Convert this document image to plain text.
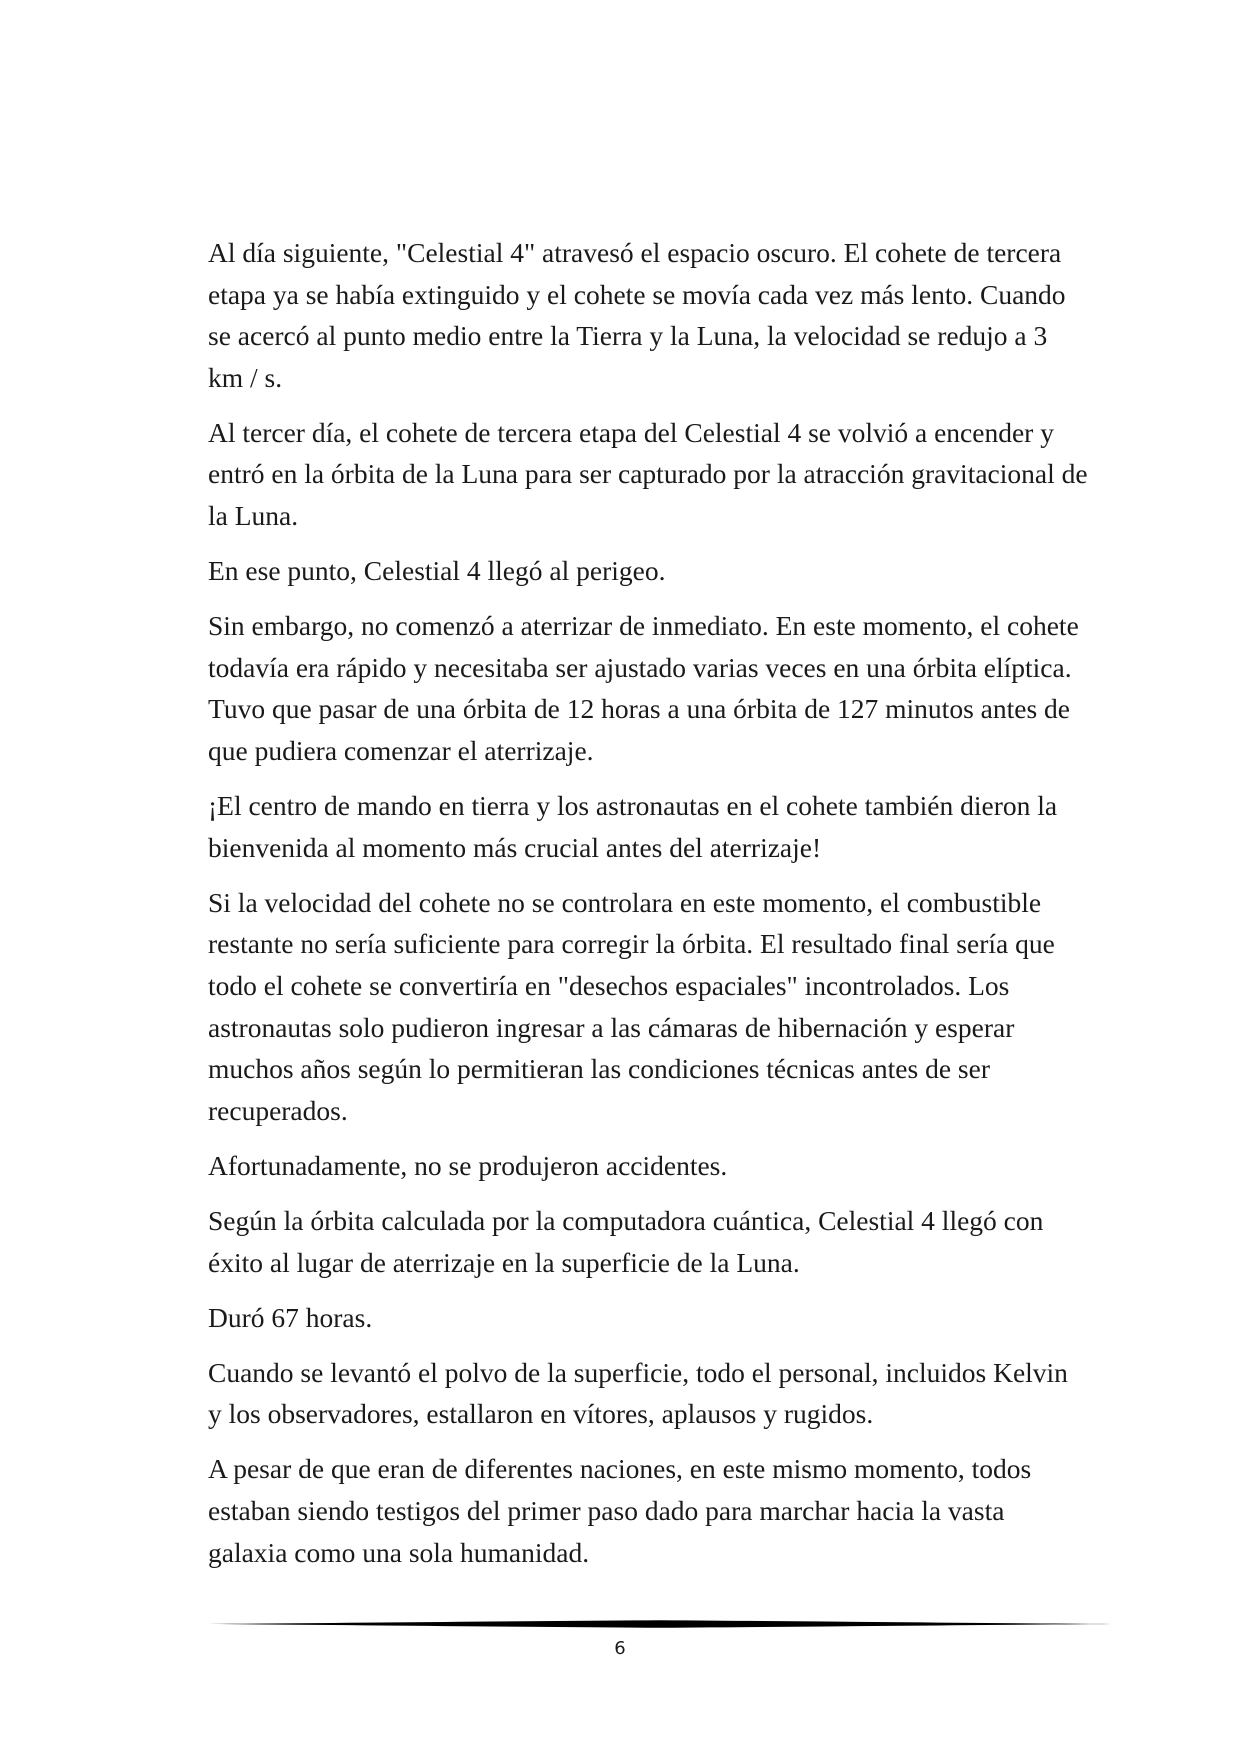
Al día siguiente, "Celestial 4" atravesó el espacio oscuro. El cohete de tercera etapa ya se había extinguido y el cohete se movía cada vez más lento. Cuando se acercó al punto medio entre la Tierra y la Luna, la velocidad se redujo a 3 km / s.

Al tercer día, el cohete de tercera etapa del Celestial 4 se volvió a encender y entró en la órbita de la Luna para ser capturado por la atracción gravitacional de la Luna.

En ese punto, Celestial 4 llegó al perigeo.

Sin embargo, no comenzó a aterrizar de inmediato. En este momento, el cohete todavía era rápido y necesitaba ser ajustado varias veces en una órbita elíptica. Tuvo que pasar de una órbita de 12 horas a una órbita de 127 minutos antes de que pudiera comenzar el aterrizaje.

¡El centro de mando en tierra y los astronautas en el cohete también dieron la bienvenida al momento más crucial antes del aterrizaje!

Si la velocidad del cohete no se controlara en este momento, el combustible restante no sería suficiente para corregir la órbita. El resultado final sería que todo el cohete se convertiría en "desechos espaciales" incontrolados. Los astronautas solo pudieron ingresar a las cámaras de hibernación y esperar muchos años según lo permitieran las condiciones técnicas antes de ser recuperados.

Afortunadamente, no se produjeron accidentes.

Según la órbita calculada por la computadora cuántica, Celestial 4 llegó con éxito al lugar de aterrizaje en la superficie de la Luna.

Duró 67 horas.

Cuando se levantó el polvo de la superficie, todo el personal, incluidos Kelvin y los observadores, estallaron en vítores, aplausos y rugidos.

A pesar de que eran de diferentes naciones, en este mismo momento, todos estaban siendo testigos del primer paso dado para marchar hacia la vasta galaxia como una sola humanidad.

6
